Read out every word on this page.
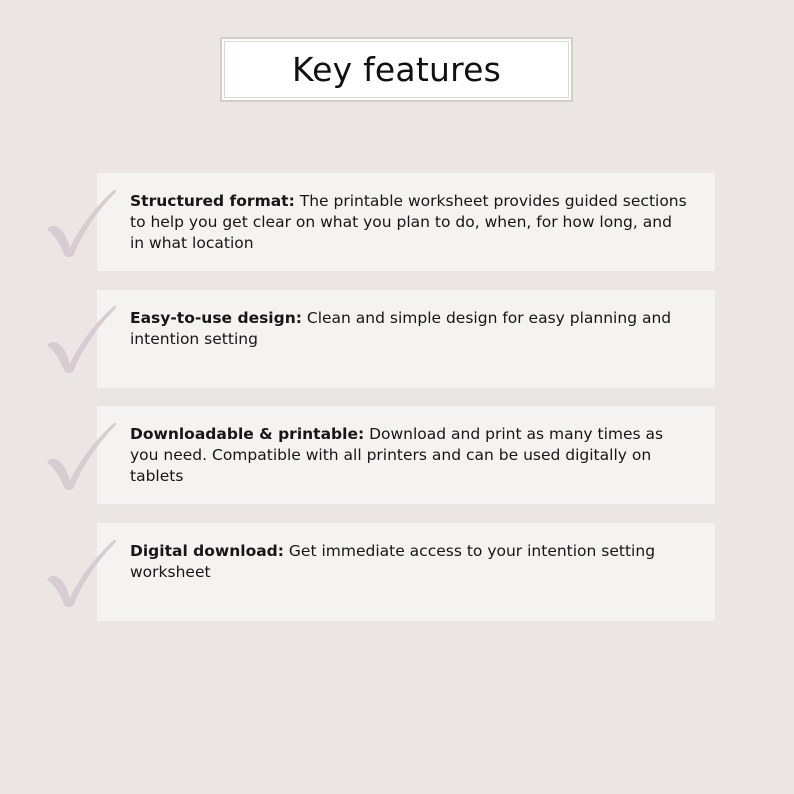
Key features
Structured format: The printable worksheet provides guided sections to help you get clear on what you plan to do, when, for how long, and in what location
Easy-to-use design: Clean and simple design for easy planning and intention setting
Downloadable & printable: Download and print as many times as you need. Compatible with all printers and can be used digitally on tablets
Digital download: Get immediate access to your intention setting worksheet
